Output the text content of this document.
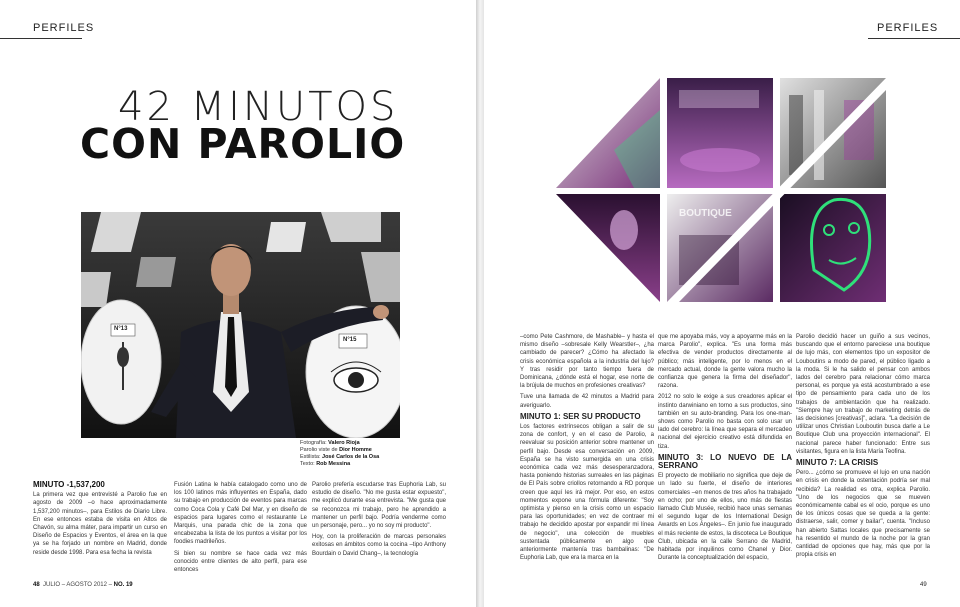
PERFILES
42 MINUTOS
CON PAROLIO
N°13
N°15
Fotografía: Valero Rioja
Parolio viste de Dior Homme
Estilista: José Carlos de la Osa
Texto: Rob Messina
MINUTO -1,537,200

La primera vez que entrevisté a Parolio fue en agosto de 2009 –o hace aproximadamente 1,537,200 minutos–, para Estilos de Diario Libre. En ese entonces estaba de visita en Altos de Chavón, su alma máter, para impartir un curso en Diseño de Espacios y Eventos, el área en la que ya se ha forjado un nombre en Madrid, donde reside desde 1998. Para esa fecha la revista

Fusión Latina le había catalogado como uno de los 100 latinos más influyentes en España, dado su trabajo en producción de eventos para marcas como Coca Cola y Café Del Mar, y en diseño de espacios para lugares como el restaurante Le Marquis, una parada chic de la zona que encabezaba la lista de los puntos a visitar por los foodies madrileños.

Si bien su nombre se hace cada vez más conocido entre clientes de alto perfil, para ese entonces

Parolio prefería escudarse tras Euphoria Lab, su estudio de diseño. "No me gusta estar expuesto", me explicó durante esa entrevista. "Me gusta que se reconozca mi trabajo, pero he aprendido a mantener un perfil bajo. Podría venderme como un personaje, pero... yo no soy mi producto".

Hoy, con la proliferación de marcas personales exitosas en ámbitos como la cocina –tipo Anthony Bourdain o David Chang–, la tecnología

48 JULIO – AGOSTO 2012 – NO. 19
PERFILES
BOUTIQUE

–como Pete Cashmore, de Mashable– y hasta el mismo diseño –sobresale Kelly Wearstler–, ¿ha cambiado de parecer? ¿Cómo ha afectado la crisis económica española a la industria del lujo? Y tras residir por tanto tiempo fuera de Dominicana, ¿dónde está el hogar, ese norte de la brújula de muchos en profesiones creativas?

Tuve una llamada de 42 minutos a Madrid para averiguarlo.

MINUTO 1: SER SU PRODUCTO

Los factores extrínsecos obligan a salir de su zona de confort, y en el caso de Parolio, a reevaluar su posición anterior sobre mantener un perfil bajo. Desde esa conversación en 2009, España se ha visto sumergida en una crisis económica cada vez más desesperanzadora, hasta poniendo historias surreales en las páginas de El País sobre criollos retornando a RD porque creen que aquí les irá mejor. Por eso, en estos momentos expone una fórmula diferente: "Soy optimista y pienso en la crisis como un espacio para las oportunidades; en vez de contraer mi trabajo he decidido apostar por expandir mi línea de negocio", una colección de muebles sustentada públicamente en algo que anteriormente mantenía tras bambalinas: "De Euphoria Lab, que era la marca en la

que me apoyaba más, voy a apoyarme más en la marca Parolio", explica. "Es una forma más efectiva de vender productos directamente al público; más inteligente, por lo menos en el mercado actual, donde la gente valora mucho la confianza que genera la firma del diseñador", razona.

2012 no solo le exige a sus creadores aplicar el instinto darwiniano en torno a sus productos, sino también en su auto-branding. Para los one-man-shows como Parolio no basta con solo usar un lado del cerebro: la línea que separa el mercadeo nacional del ejercicio creativo está difundida en tiza.

MINUTO 3: LO NUEVO DE LA SERRANO

El proyecto de mobiliario no significa que deje de un lado su fuerte, el diseño de interiores comerciales –en menos de tres años ha trabajado en ocho; por uno de ellos, uno más de fiestas llamado Club Musée, recibió hace unas semanas el segundo lugar de los International Design Awards en Los Ángeles–. En junio fue inaugurado el más reciente de estos, la discoteca Le Boutique Club, ubicada en la calle Serrano de Madrid, habitada por inquilinos como Chanel y Dior. Durante la conceptualización del espacio,

Parolio decidió hacer un guiño a sus vecinos, buscando que el entorno pareciese una boutique de lujo más, con elementos tipo un expositor de Louboutins a modo de pared, el público ligado a la moda. Si le ha salido el pensar con ambos lados del cerebro para relacionar cómo marca personal, es porque ya está acostumbrado a ese tipo de pensamiento para cada uno de los trabajos de ambientación que ha realizado. "Siempre hay un trabajo de marketing detrás de las decisiones [creativas]", aclara. "La decisión de utilizar unos Christian Louboutin busca darle a Le Boutique Club una proyección internacional". El nacional parece haber funcionado: Entre sus visitantes, figura en la lista María Teofina.

MINUTO 7: LA CRISIS

Pero... ¿cómo se promueve el lujo en una nación en crisis en donde la ostentación podría ser mal recibida? La realidad es otra, explica Parolio. "Uno de los negocios que se mueven económicamente cabal es el ocio, porque es uno de los únicos cosas que se queda a la gente: distraerse, salir, comer y bailar", cuenta. "Incluso han abierto Sattas locales que precisamente se ha resentido el mundo de la noche por la gran cantidad de opciones que hay, más que por la propia crisis en

49
